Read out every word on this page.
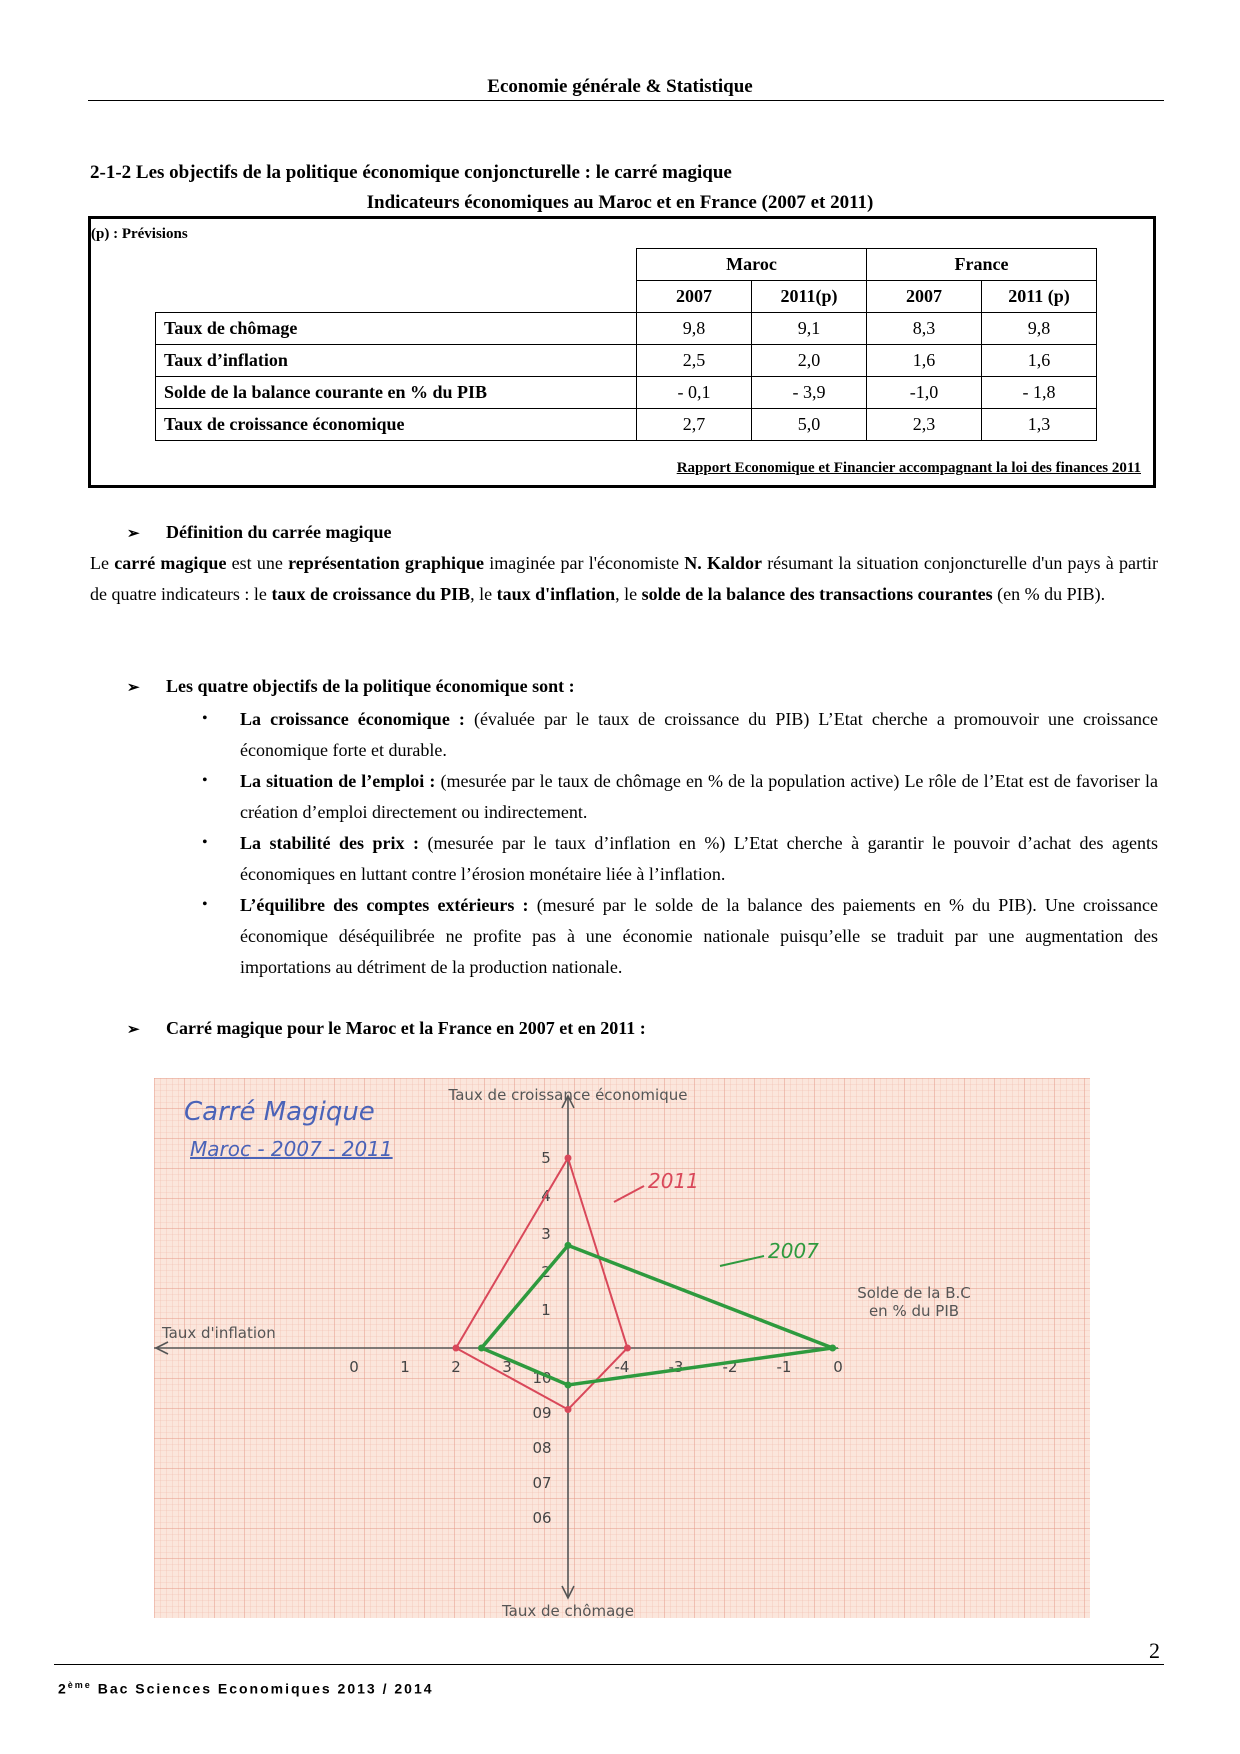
Economie générale & Statistique
2-1-2 Les objectifs de la politique économique conjoncturelle : le carré magique
Indicateurs économiques au Maroc et en France (2007 et 2011)
(p) : Prévisions
	Maroc		France	
	2007	2011(p)	2007	2011 (p)
Taux de chômage	9,8	9,1	8,3	9,8
Taux d’inflation	2,5	2,0	1,6	1,6
Solde de la balance courante en % du PIB	- 0,1	- 3,9	-1,0	- 1,8
Taux de croissance économique	2,7	5,0	2,3	1,3
Rapport Economique et Financier accompagnant la loi des finances 2011
➢ Définition du carrée magique
Le carré magique est une représentation graphique imaginée par l'économiste N. Kaldor résumant la situation conjoncturelle d'un pays à partir de quatre indicateurs : le taux de croissance du PIB, le taux d'inflation, le solde de la balance des transactions courantes (en % du PIB).
➢ Les quatre objectifs de la politique économique sont :
• La croissance économique : (évaluée par le taux de croissance du PIB) L’Etat cherche a promouvoir une croissance économique forte et durable.
• La situation de l’emploi : (mesurée par le taux de chômage en % de la population active) Le rôle de l’Etat est de favoriser la création d’emploi directement ou indirectement.
• La stabilité des prix : (mesurée par le taux d’inflation en %) L’Etat cherche à garantir le pouvoir d’achat des agents économiques en luttant contre l’érosion monétaire liée à l’inflation.
• L’équilibre des comptes extérieurs : (mesuré par le solde de la balance des paiements en % du PIB). Une croissance économique déséquilibrée ne profite pas à une économie nationale puisqu’elle se traduit par une augmentation des importations au détriment de la production nationale.
➢ Carré magique pour le Maroc et la France en 2007 et en 2011 :
Carré Magique
Maroc - 2007 - 2011
Taux de croissance économique
Taux d'inflation
Solde de la B.C
en % du PIB
Taux de chômage
1
2
3
4
5
0	1	2	3	-4	-3	-2	-1	0
10
09
08
07
06
2011
2007
2
2ème Bac Sciences Economiques 2013 / 2014
